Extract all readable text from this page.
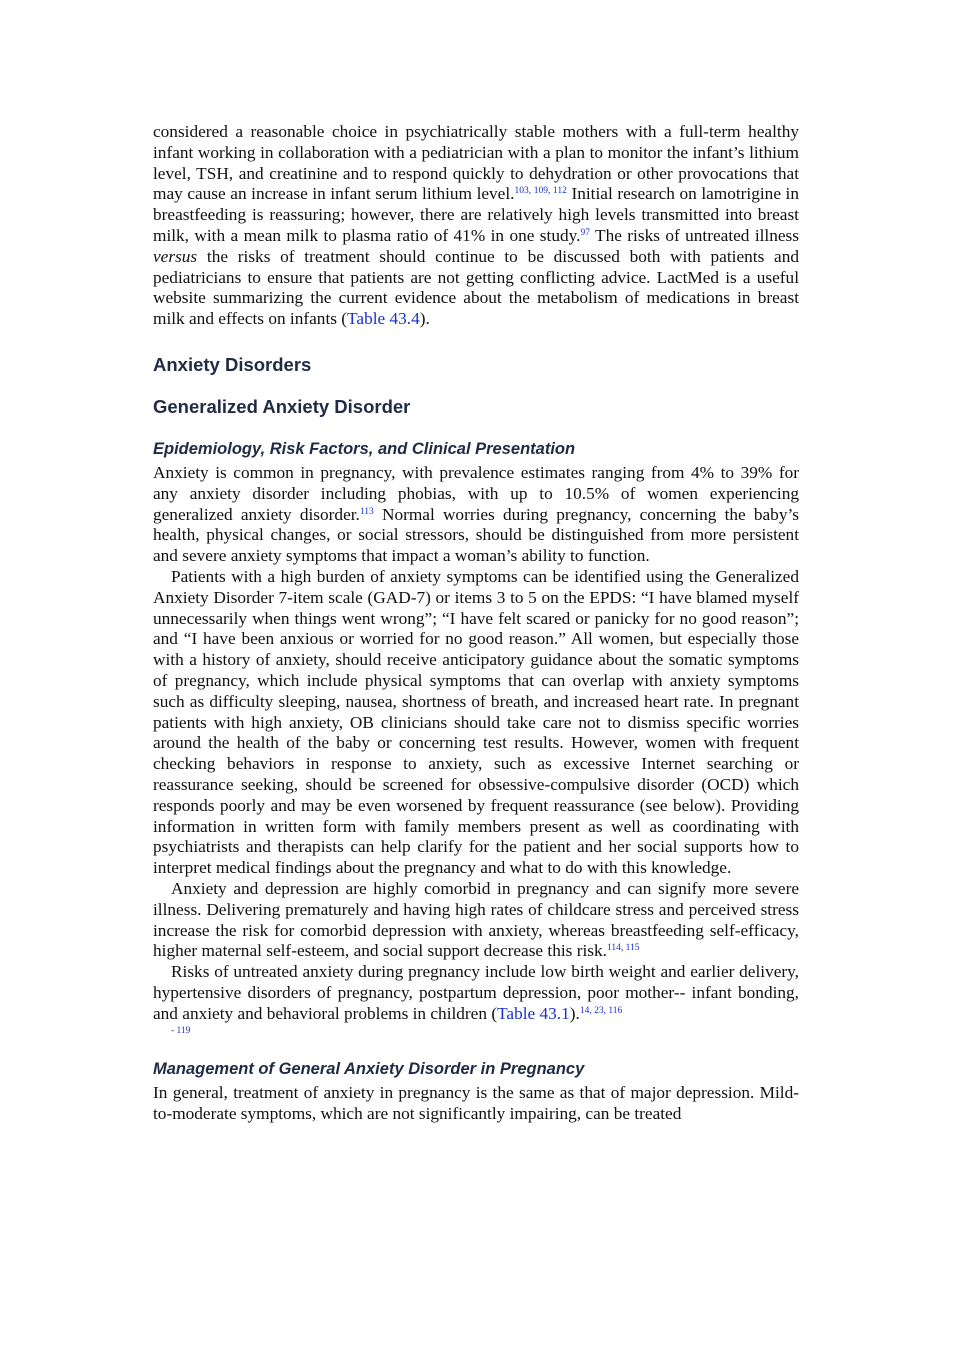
considered a reasonable choice in psychiatrically stable mothers with a full-term healthy infant working in collaboration with a pediatrician with a plan to monitor the infant’s lithium level, TSH, and creatinine and to respond quickly to dehydration or other provocations that may cause an increase in infant serum lithium level.$^{103, 109, 112}$ Initial research on lamotrigine in breastfeeding is reassuring; however, there are relatively high levels transmitted into breast milk, with a mean milk to plasma ratio of 41% in one study.$^{97}$ The risks of untreated illness versus the risks of treatment should continue to be discussed both with patients and pediatricians to ensure that patients are not getting conflicting advice. LactMed is a useful website summarizing the current evidence about the metabolism of medications in breast milk and effects on infants (Table 43.4).

Anxiety Disorders
Generalized Anxiety Disorder
Epidemiology, Risk Factors, and Clinical Presentation

Anxiety is common in pregnancy, with prevalence estimates ranging from 4% to 39% for any anxiety disorder including phobias, with up to 10.5% of women experiencing generalized anxiety disorder.$^{113}$ Normal worries during pregnancy, concerning the baby’s health, physical changes, or social stressors, should be distinguished from more persistent and severe anxiety symptoms that impact a woman’s ability to function.

Patients with a high burden of anxiety symptoms can be identified using the Generalized Anxiety Disorder 7-item scale (GAD-7) or items 3 to 5 on the EPDS: “I have blamed myself unnecessarily when things went wrong”; “I have felt scared or panicky for no good reason”; and “I have been anxious or worried for no good reason.” All women, but especially those with a history of anxiety, should receive anticipatory guidance about the somatic symptoms of pregnancy, which include physical symptoms that can overlap with anxiety symptoms such as difficulty sleeping, nausea, shortness of breath, and increased heart rate. In pregnant patients with high anxiety, OB clinicians should take care not to dismiss specific worries around the health of the baby or concerning test results. However, women with frequent checking behaviors in response to anxiety, such as excessive Internet searching or reassurance seeking, should be screened for obsessive-compulsive disorder (OCD) which responds poorly and may be even worsened by frequent reassurance (see below). Providing information in written form with family members present as well as coordinating with psychiatrists and therapists can help clarify for the patient and her social supports how to interpret medical findings about the pregnancy and what to do with this knowledge.

Anxiety and depression are highly comorbid in pregnancy and can signify more severe illness. Delivering prematurely and having high rates of childcare stress and perceived stress increase the risk for comorbid depression with anxiety, whereas breastfeeding self-efficacy, higher maternal self-esteem, and social support decrease this risk.$^{114, 115}$

Risks of untreated anxiety during pregnancy include low birth weight and earlier delivery, hypertensive disorders of pregnancy, postpartum depression, poor mother-- infant bonding, and anxiety and behavioral problems in children (Table 43.1).$^{14, 23, 116}$
- 119

Management of General Anxiety Disorder in Pregnancy

In general, treatment of anxiety in pregnancy is the same as that of major depression. Mild-to-moderate symptoms, which are not significantly impairing, can be treated
